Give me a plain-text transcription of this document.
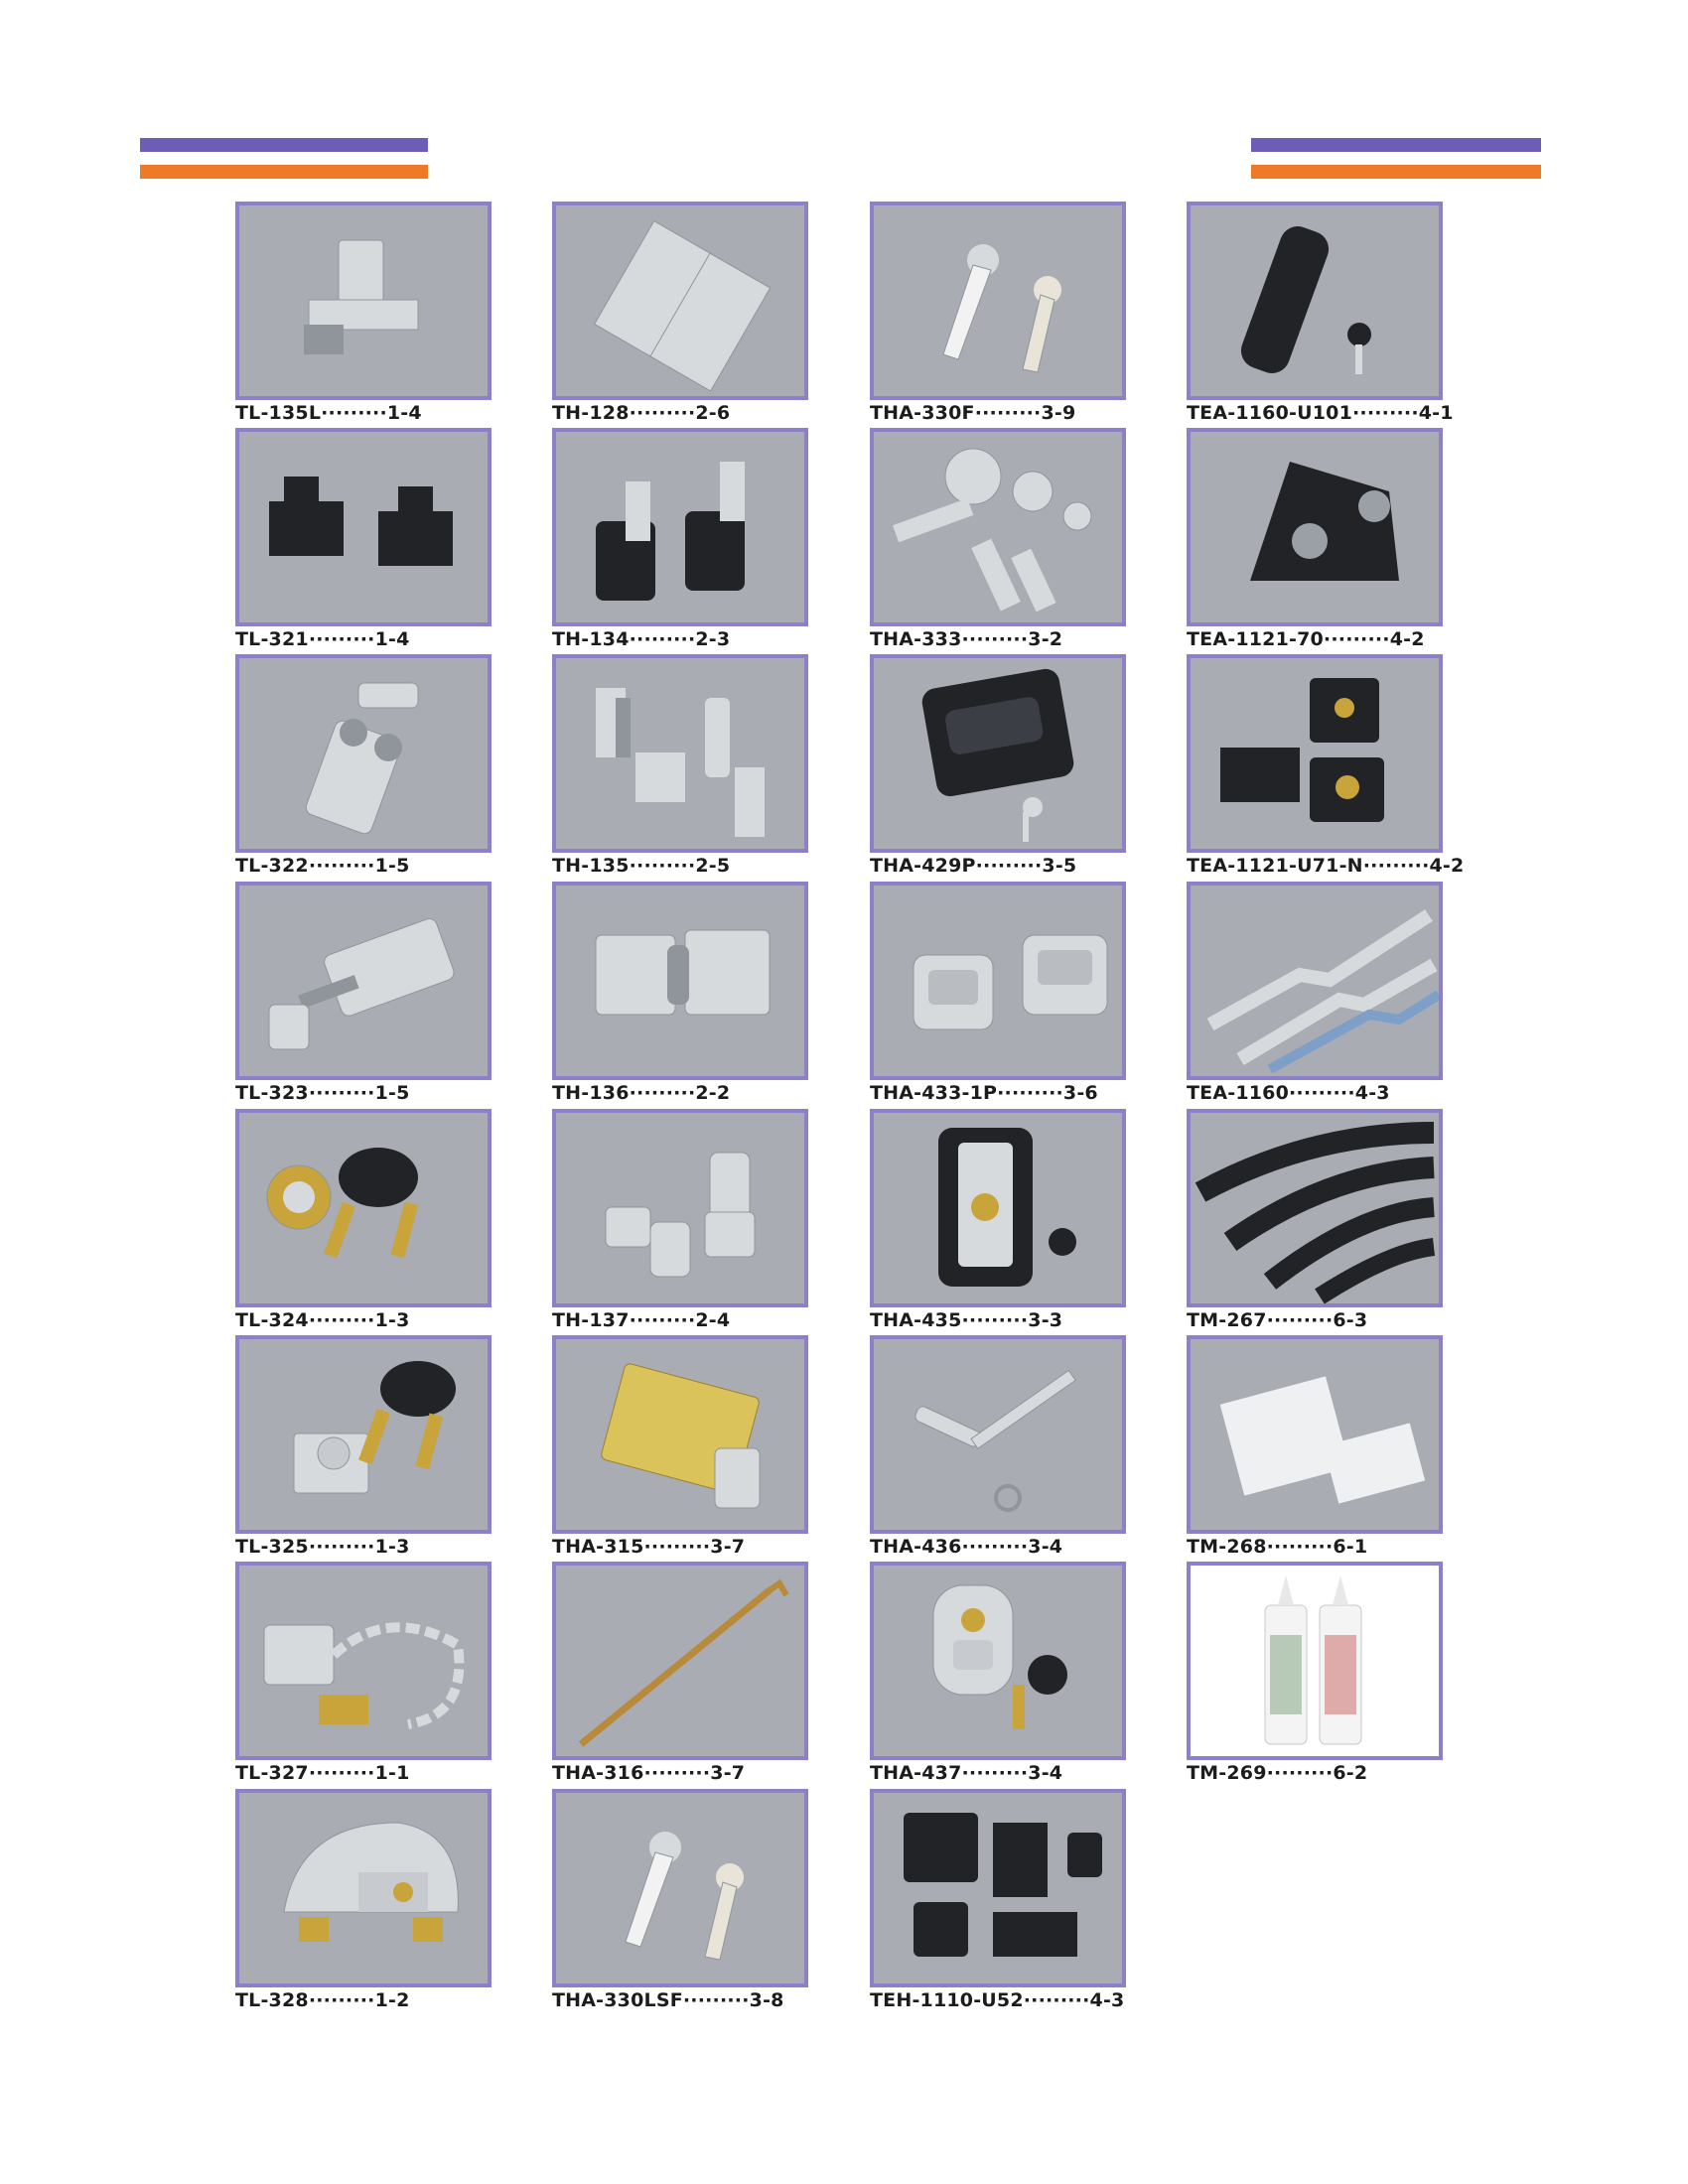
TL-135L·········1-4	TH-128·········2-6	THA-330F·········3-9	TEA-1160-U101·········4-1
TL-321·········1-4	TH-134·········2-3	THA-333·········3-2	TEA-1121-70·········4-2
TL-322·········1-5	TH-135·········2-5	THA-429P·········3-5	TEA-1121-U71-N·········4-2
TL-323·········1-5	TH-136·········2-2	THA-433-1P·········3-6	TEA-1160·········4-3
TL-324·········1-3	TH-137·········2-4	THA-435·········3-3	TM-267·········6-3
TL-325·········1-3	THA-315·········3-7	THA-436·········3-4	TM-268·········6-1
TL-327·········1-1	THA-316·········3-7	THA-437·········3-4	TM-269·········6-2
TL-328·········1-2	THA-330LSF·········3-8	TEH-1110-U52·········4-3
